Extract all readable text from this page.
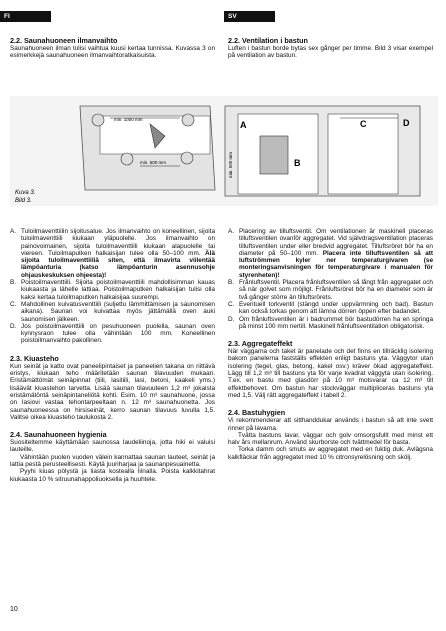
FI	SV

2.2. Saunahuoneen ilmanvaihto

Saunahuoneen ilman tulisi vaihtua kuusi kertaa tunnissa. Kuvassa 3 on esimerkkejä saunahuoneen ilmanvaihtoratkaisuista.

2.2. Ventilation i bastun

Luften i bastun borde bytas sex gånger per timme. Bild 3 visar exempel på ventilation av bastun.

min. 1000 mm
min. 500 mm
A
B
C	D
min. 500 mm
Kuva 3.
Bild 3.
A. Tuloilmaventtiilin sijoitusalue. Jos ilmanvaihto on koneellinen, sijoita tuloilmaventtiili kiukaan yläpuolelle. Jos ilmanvaihto on painovoimainen, sijoita tuloilmaventtiili kiukaan alapuolelle tai viereen. Tuloilmaputken halkaisijan tulee olla 50–100 mm. Älä sijoita tuloilmaventtiiliä siten, että ilmavirta viilentää lämpöanturia (katso lämpöanturin asennusohje ohjauskeskuksen ohjeesta)!
B. Poistoilmaventtiili. Sijoita poistoilmaventtiili mahdollisimman kauas kiukaasta ja lähelle lattiaa. Poistoilmaputken halkaisijan tulisi olla kaksi kertaa tuloilmaputken halkaisijaa suurempi.
C. Mahdollinen kuivatusventtiili (suljettu lämmittämisen ja saunomisen aikana). Saunan voi kuivattaa myös jättämällä oven auki saunomisen jälkeen.
D. Jos poistoilmaventtiili on pesuhuoneen puolella, saunan oven kynnysraon tulee olla vähintään 100 mm. Koneellinen poistoilmanvaihto pakollinen.

2.3. Kiuasteho

Kun seinät ja katto ovat paneelipintaiset ja paneelien takana on riittävä eristys, kiukaan teho määritetään saunan tilavuuden mukaan. Eristämättömät seinäpinnat (tiili, lasitiili, lasi, betoni, kaakeli yms.) lisäävät kiuastehon tarvetta. Lisää saunan tilavuuteen 1,2 m³ jokaista eristämätöntä seinäpintaneliötä kohti. Esim. 10 m³ saunahuone, jossa on lasiovi vastaa tehontarpeeltaan n. 12 m³ saunahuonetta. Jos saunahuoneessa on hirsiseinät, kerro saunan tilavuus luvulla 1,5. Valitse oikea kiuasteho taulukosta 2.

2.4. Saunahuoneen hygienia

Suositeltemme käyttämään saunossa laudeliinoja, jotta hiki ei valuisi lauteille.

Vähintään puolen vuoden välein kannattaa saunan lauteet, seinät ja lattia pestä perusteellisesti. Käytä juuriharjaa ja saunanpesuainetta.

Pyyhi kiuas pölystä ja liasta kostealla liinalla. Poista kalkkitahrat kiukaasta 10 % sitruunahappoliuoksella ja huuhtele.

A. Placering av tilluftsventil. Om ventilationen är maskinell placeras tilluftsventilen ovanför aggregatet. Vid självdragsventilation placeras tilluftsventilen under eller bredvid aggregatet. Tilluftsröret bör ha en diameter på 50–100 mm. Placera inte tilluftsventilen så att luftströmmen kyler ner temperaturgivaren (se monteringsanvisningen för temperaturgivare i manualen för styrenheten)!
B. Frånluftsventil. Placera frånluftsventilen så långt från aggregatet och så när golvet som möjligt. Frånluftsröret bör ha en diameter som är två gånger större än tilluftsrörets.
C. Eventuell torkventil (stängd under uppvärmning och bad). Bastun kan också torkas genom att lämna dörren öppen efter badandet.
D. Om frånluftsventilen är i badrummet bör bastudörren ha en springa på minst 100 mm nertill. Maskinell frånluftsventilation obligatorisk.

2.3. Aggregateffekt

När väggarna och taket är panelade och det finns en tillräcklig isolering bakom panelerna fastställs effekten enligt bastuns yta. Väggytor utan isolering (tegel, glas, betong, kakel osv.) kräver ökad aggregateffekt. Lägg till 1,2 m³ till bastuns yta för varje kvadrat väggyta utan isolering. T.ex. en bastu med glasdörr på 10 m³ motsvarar ca 12 m³ till effektbehovet. Om bastun har stockväggar multipliceras bastuns yta med 1,5. Välj rätt aggregateffekt i tabell 2.

2.4. Bastuhygien

Vi rekommenderar att sitthanddukar används i bastun så att inte svett rinner på lavarna.

Tvätta bastuns lavar, väggar och golv omsorgsfullt med minst ett halv års mellanrum. Använd skurborste och tvättmedel för basta.

Torka damm och smuts av aggregatet med en fuktig duk. Avlägsna kalkfläckar från aggregatet med 10 % citronsyrelösning och skölj.

10
